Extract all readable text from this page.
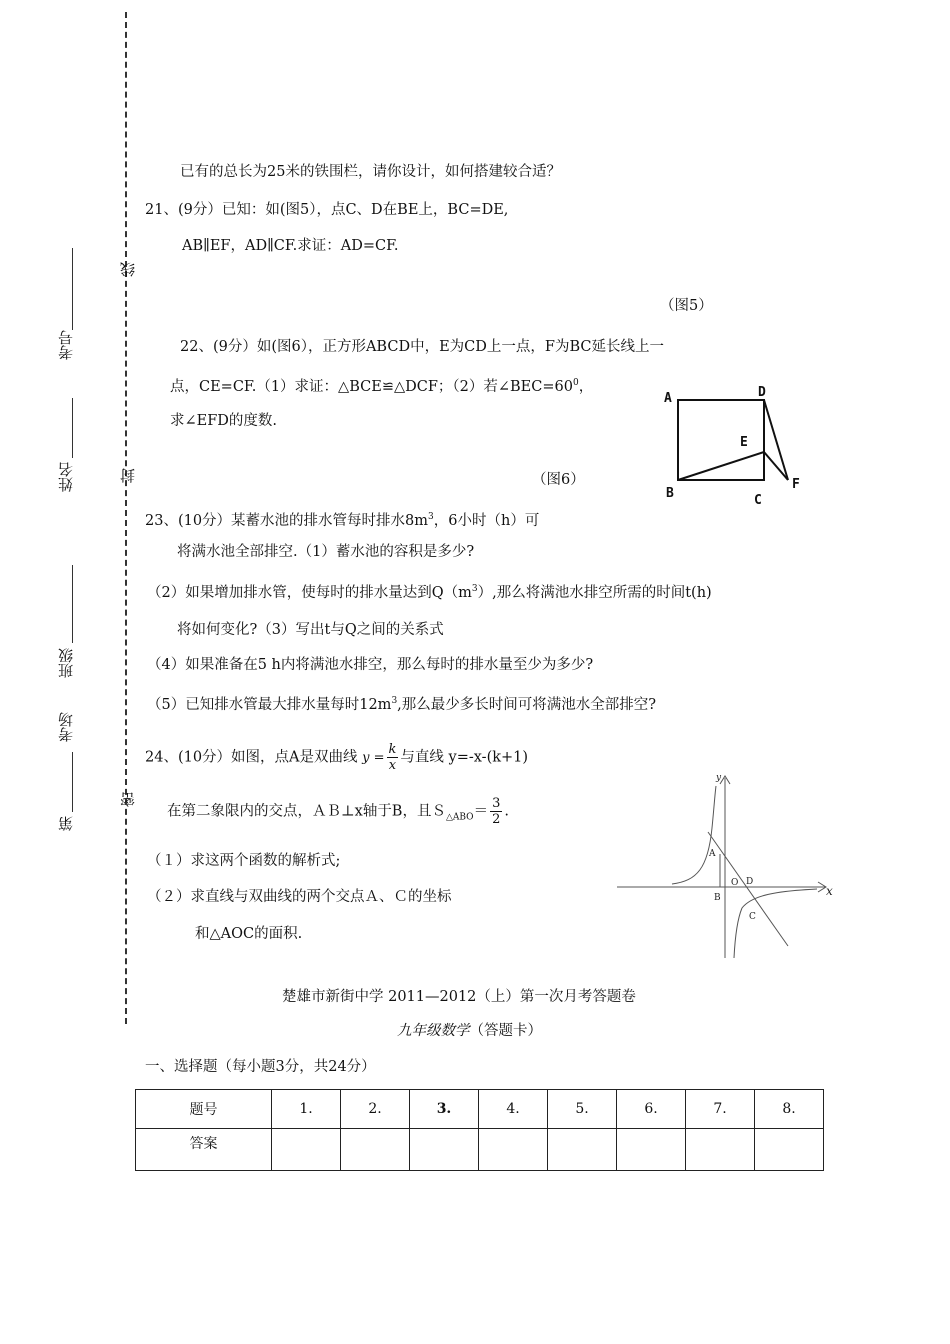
考号
线
姓名	封
班级
考场
第
密
已有的总长为25米的铁围栏，请你设计，如何搭建较合适？
21、(9分）已知：如(图5），点C、D在BE上，BC=DE,
AB∥EF，AD∥CF.求证：AD=CF.
（图5）
22、(9分）如(图6），正方形ABCD中，E为CD上一点，F为BC延长线上一
点，CE=CF.（1）求证：△BCE≌△DCF；（2）若$\angle BEC=60^0$，
求∠EFD的度数.
（图6）
A	D
E
B	C
F
23、(10分）某蓄水池的排水管每时排水$8m^3$，6小时（h）可
将满水池全部排空.（1）蓄水池的容积是多少?
（2）如果增加排水管，使每时的排水量达到$Q(m^3)$,那么将满池水排空所需的时间t(h)
将如何变化?（3）写出t与Q之间的关系式
（4）如果准备在5 h内将满池水排空，那么每时的排水量至少为多少?
（5）已知排水管最大排水量每时$12m^3$,那么最少多长时间可将满池水全部排空?
24、(10分）如图，点A是双曲线 $y = \frac{k}{x}$ 与直线 y=-x-(k+1)
在第二象限内的交点，ＡＢ⊥x轴于B，且Ｓ$_{\triangle ABO}$＝ $\frac{3}{2}$ .
（１）求这两个函数的解析式;
（２）求直线与双曲线的两个交点Ａ、Ｃ的坐标
和△AOC的面积.
y
x
A
O D
B
C
楚雄市新街中学 2011—2012（上）第一次月考答题卷
九年级数学（答题卡）
一、选择题（每小题3分，共24分）
题号	1.	2.	3.	4.	5.	6.	7.	8.
答案								
